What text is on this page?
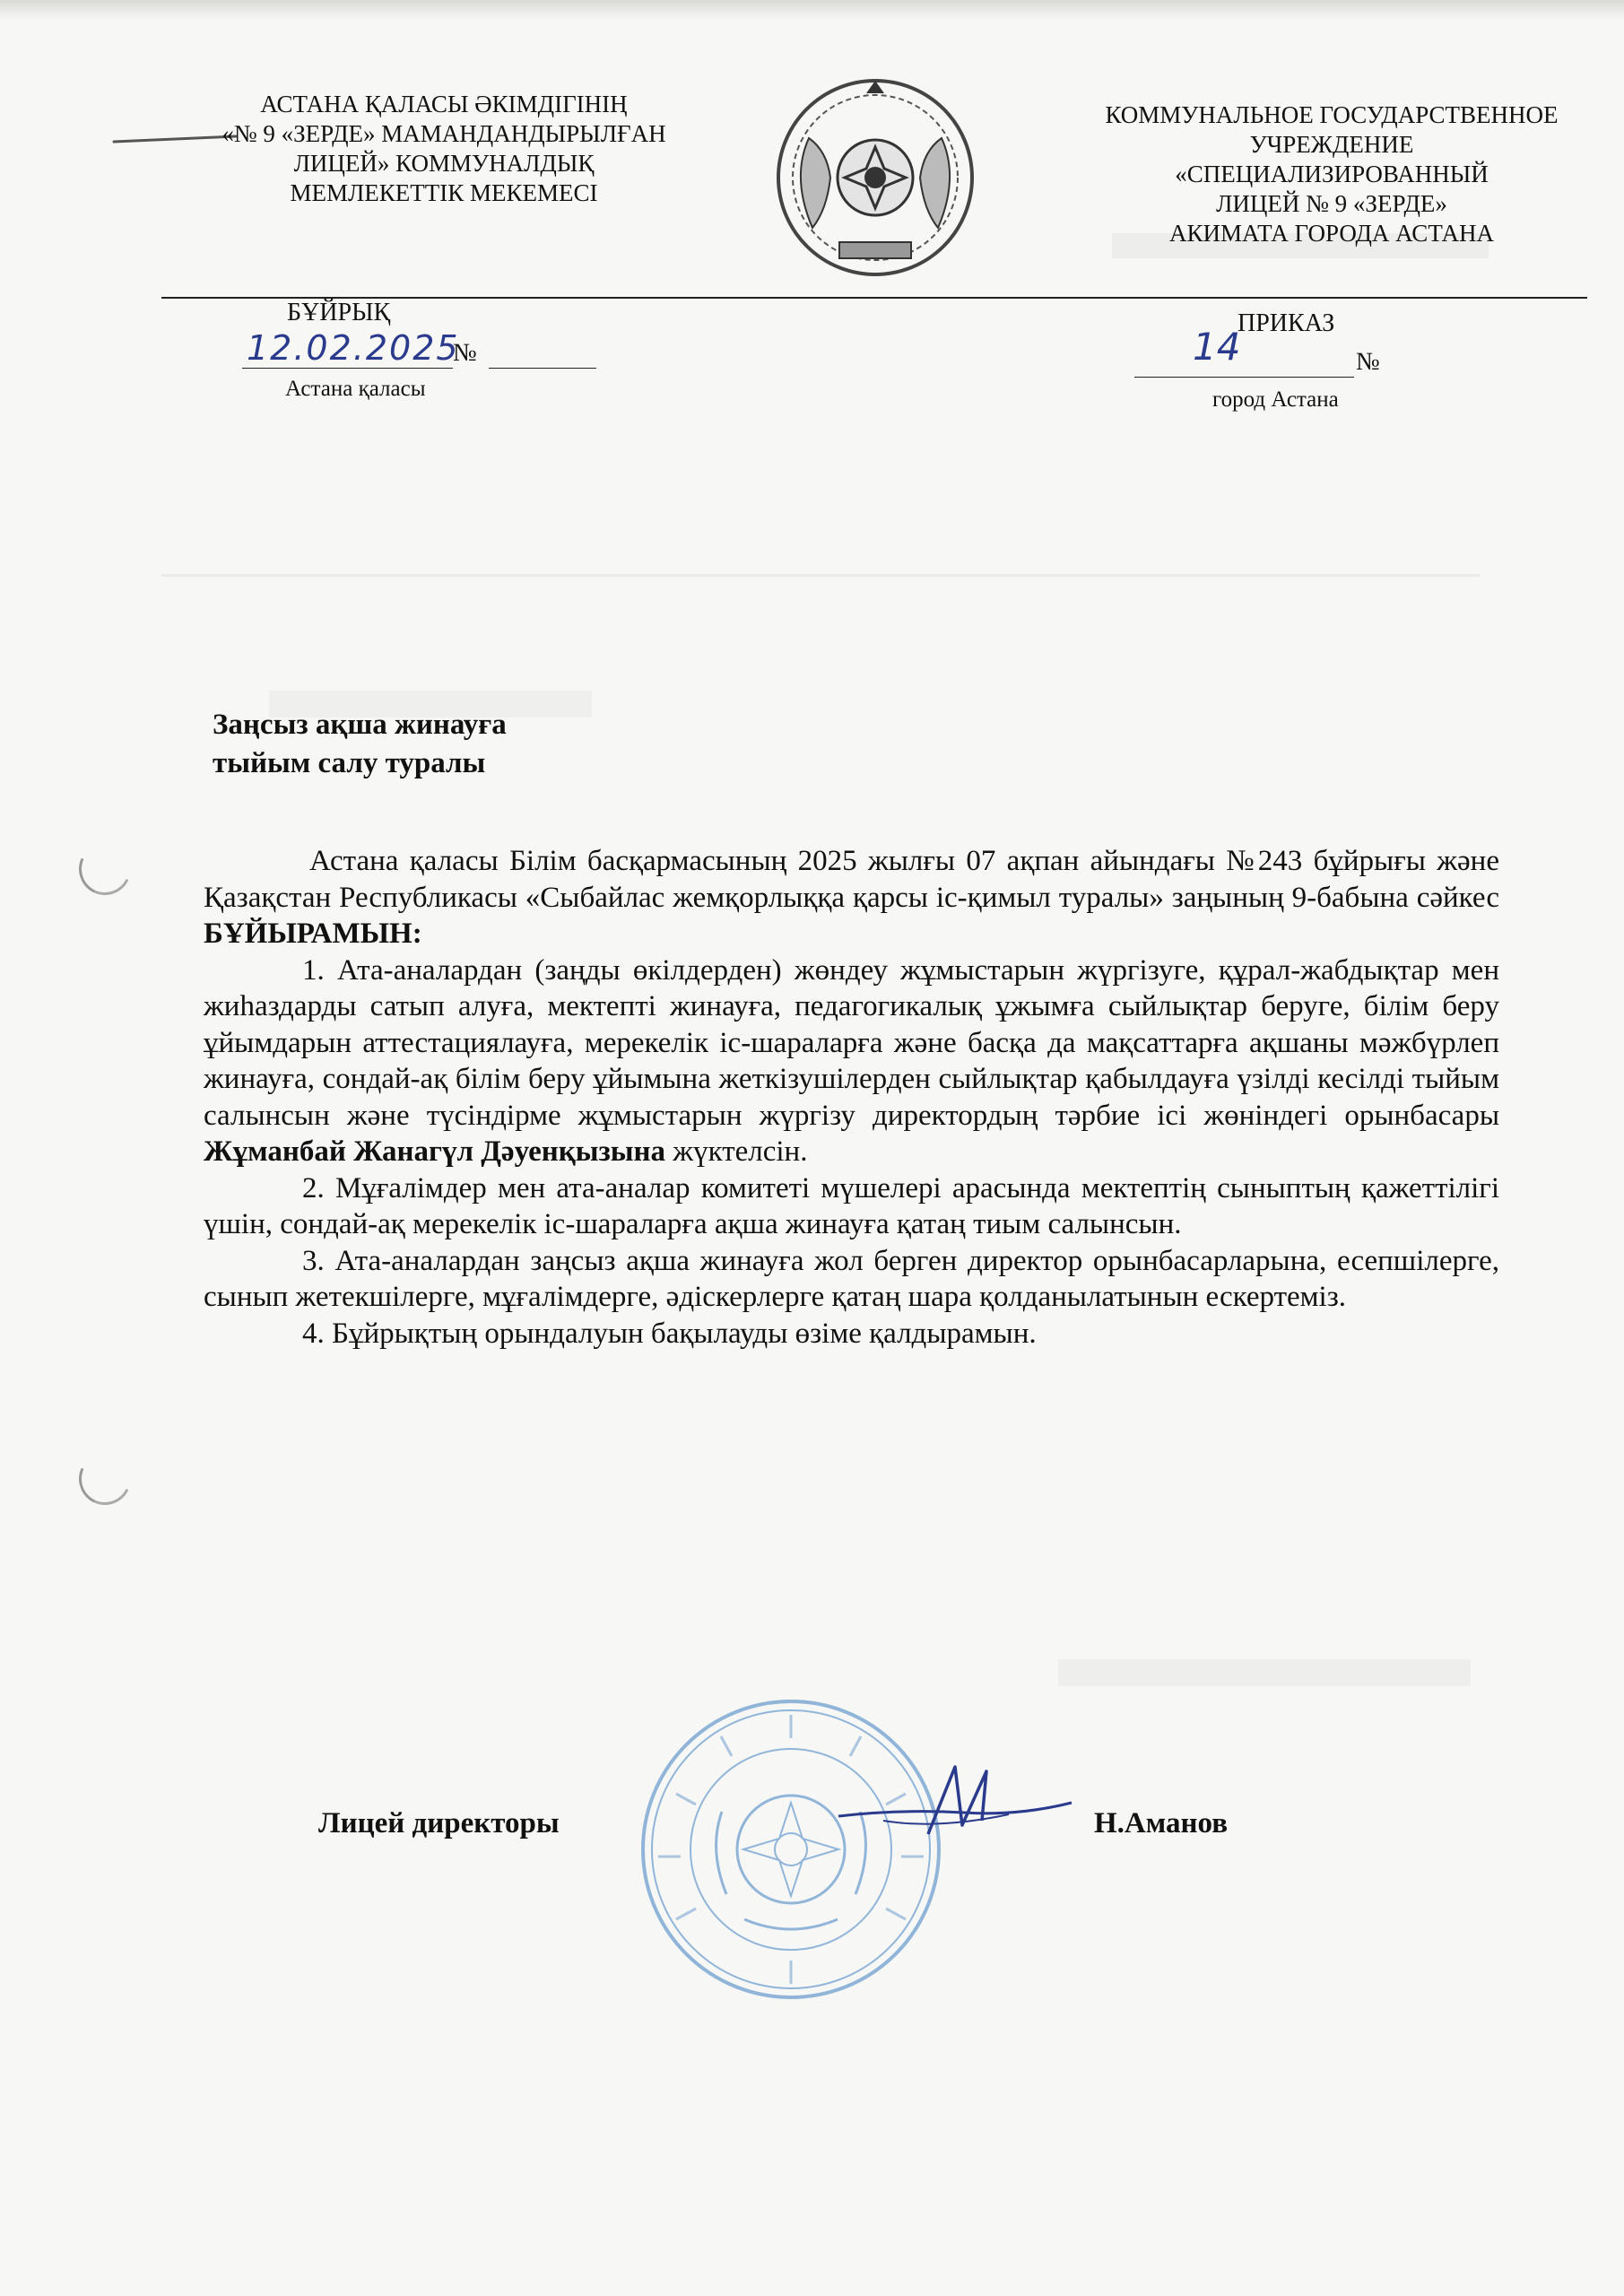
АСТАНА ҚАЛАСЫ ӘКІМДІГІНІҢ
«№ 9 «ЗЕРДЕ» МАМАНДАНДЫРЫЛҒАН
ЛИЦЕЙ» КОММУНАЛДЫҚ
МЕМЛЕКЕТТІК МЕКЕМЕСІ
КОММУНАЛЬНОЕ ГОСУДАРСТВЕННОЕ
УЧРЕЖДЕНИЕ
«СПЕЦИАЛИЗИРОВАННЫЙ
ЛИЦЕЙ № 9 «ЗЕРДЕ»
АКИМАТА ГОРОДА АСТАНА
БҰЙРЫҚ
12.02.2025
№
Астана қаласы
ПРИКАЗ
14	№
город Астана
Заңсыз ақша жинауға
тыйым салу туралы

Астана қаласы Білім басқармасының 2025 жылғы 07 ақпан айындағы №243 бұйрығы және Қазақстан Республикасы «Сыбайлас жемқорлыққа қарсы іс-қимыл туралы» заңының 9-бабына сәйкес БҰЙЫРАМЫН:

1. Ата-аналардан (заңды өкілдерден) жөндеу жұмыстарын жүргізуге, құрал-жабдықтар мен жиһаздарды сатып алуға, мектепті жинауға, педагогикалық ұжымға сыйлықтар беруге, білім беру ұйымдарын аттестациялауға, мерекелік іс-шараларға және басқа да мақсаттарға ақшаны мәжбүрлеп жинауға, сондай-ақ білім беру ұйымына жеткізушілерден сыйлықтар қабылдауға үзілді кесілді тыйым салынсын және түсіндірме жұмыстарын жүргізу директордың тәрбие ісі жөніндегі орынбасары Жұманбай Жанагүл Дәуенқызына жүктелсін.

2. Мұғалімдер мен ата-аналар комитеті мүшелері арасында мектептің сыныптың қажеттілігі үшін, сондай-ақ мерекелік іс-шараларға ақша жинауға қатаң тиым салынсын.

3. Ата-аналардан заңсыз ақша жинауға жол берген директор орынбасарларына, есепшілерге, сынып жетекшілерге, мұғалімдерге, әдіскерлерге қатаң шара қолданылатынын ескертеміз.

4. Бұйрықтың орындалуын бақылауды өзіме қалдырамын.

Лицей директоры	Н.Аманов
